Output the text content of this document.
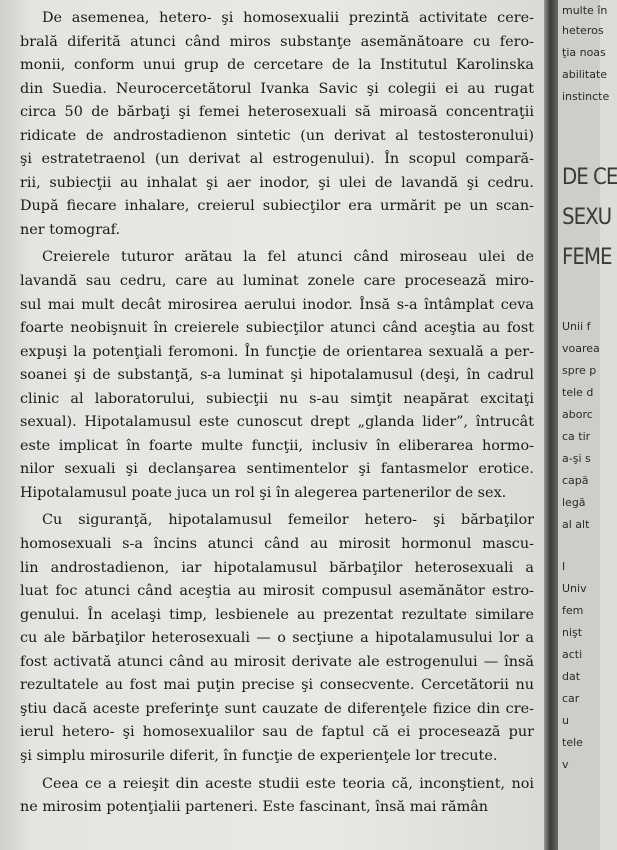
De asemenea, hetero- şi homosexualii prezintă activitate cere-
brală diferită atunci când miros substanţe asemănătoare cu fero-
monii, conform unui grup de cercetare de la Institutul Karolinska
din Suedia. Neurocercetătorul Ivanka Savic şi colegii ei au rugat
circa 50 de bărbaţi şi femei heterosexuali să miroasă concentraţii
ridicate de androstadienon sintetic (un derivat al testosteronului)
şi estratetraenol (un derivat al estrogenului). În scopul compară-
rii, subiecţii au inhalat şi aer inodor, şi ulei de lavandă şi cedru.
După fiecare inhalare, creierul subiecţilor era urmărit pe un scan-
ner tomograf.
Creierele tuturor arătau la fel atunci când miroseau ulei de
lavandă sau cedru, care au luminat zonele care procesează miro-
sul mai mult decât mirosirea aerului inodor. Însă s-a întâmplat ceva
foarte neobişnuit în creierele subiecţilor atunci când aceştia au fost
expuşi la potenţiali feromoni. În funcţie de orientarea sexuală a per-
soanei şi de substanţă, s-a luminat şi hipotalamusul (deşi, în cadrul
clinic al laboratorului, subiecţii nu s-au simţit neapărat excitaţi
sexual). Hipotalamusul este cunoscut drept „glanda lider”, întrucât
este implicat în foarte multe funcţii, inclusiv în eliberarea hormo-
nilor sexuali şi declanşarea sentimentelor şi fantasmelor erotice.
Hipotalamusul poate juca un rol şi în alegerea partenerilor de sex.
Cu siguranţă, hipotalamusul femeilor hetero- şi bărbaţilor
homosexuali s-a încins atunci când au mirosit hormonul mascu-
lin androstadienon, iar hipotalamusul bărbaţilor heterosexuali a
luat foc atunci când aceştia au mirosit compusul asemănător estro-
genului. În acelaşi timp, lesbienele au prezentat rezultate similare
cu ale bărbaţilor heterosexuali — o secţiune a hipotalamusului lor a
fost activată atunci când au mirosit derivate ale estrogenului — însă
rezultatele au fost mai puţin precise şi consecvente. Cercetătorii nu
ştiu dacă aceste preferinţe sunt cauzate de diferenţele fizice din cre-
ierul hetero- şi homosexualilor sau de faptul că ei procesează pur
şi simplu mirosurile diferit, în funcţie de experienţele lor trecute.
Ceea ce a reieşit din aceste studii este teoria că, inconştient, noi
ne mirosim potenţialii parteneri. Este fascinant, însă mai rămân
multe în
heteros
ţia noas
abilitate
instincte
DE CE
SEXU
FEME
Unii f
voarea
spre p
tele d
aborc
ca tir
a-şi s
capă
legă
al alt
I
Univ
fem
nişt
acti
dat
car
u
tele
v
